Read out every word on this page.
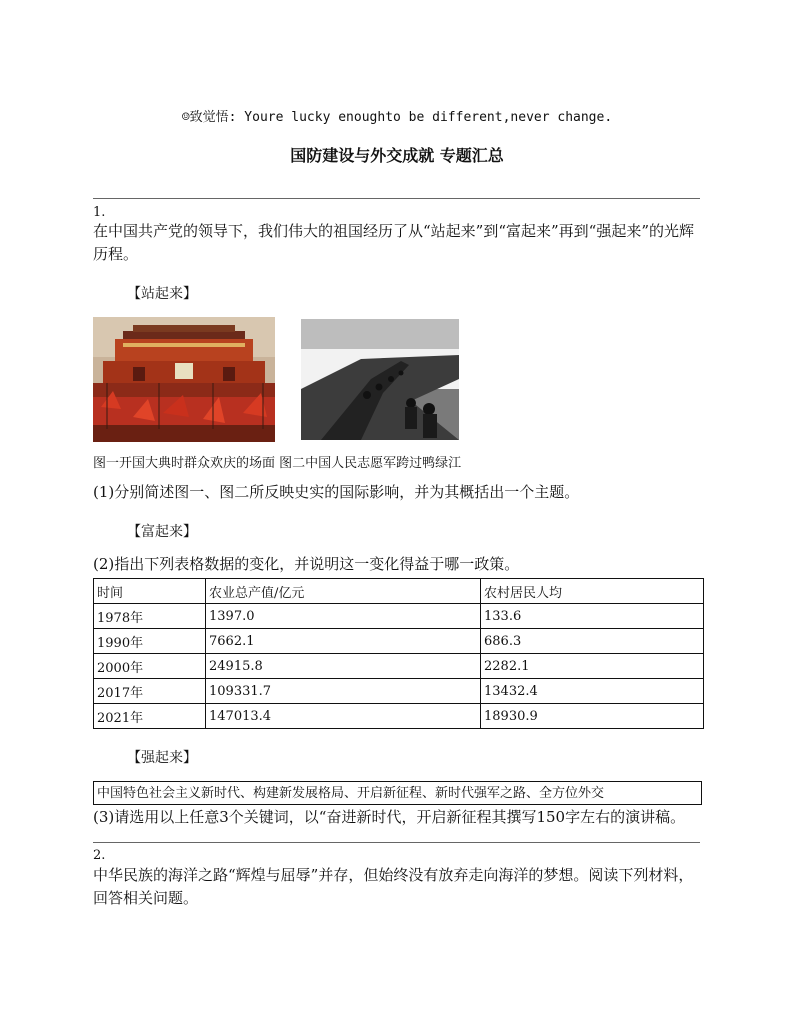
☺致觉悟: Youre lucky enoughto be different,never change.
国防建设与外交成就 专题汇总
1.
在中国共产党的领导下，我们伟大的祖国经历了从“站起来”到“富起来”再到“强起来”的光辉历程。
【站起来】
图一开国大典时群众欢庆的场面 图二中国人民志愿军跨过鸭绿江
(1)分别简述图一、图二所反映史实的国际影响，并为其概括出一个主题。
【富起来】
(2)指出下列表格数据的变化，并说明这一变化得益于哪一政策。
时间	农业总产值/亿元	农村居民人均
1978年	1397.0	133.6
1990年	7662.1	686.3
2000年	24915.8	2282.1
2017年	109331.7	13432.4
2021年	147013.4	18930.9
【强起来】
中国特色社会主义新时代、构建新发展格局、开启新征程、新时代强军之路、全方位外交
(3)请选用以上任意3个关键词，以“奋进新时代，开启新征程其撰写150字左右的演讲稿。
2.
中华民族的海洋之路“辉煌与屈辱”并存，但始终没有放弃走向海洋的梦想。阅读下列材料，回答相关问题。
